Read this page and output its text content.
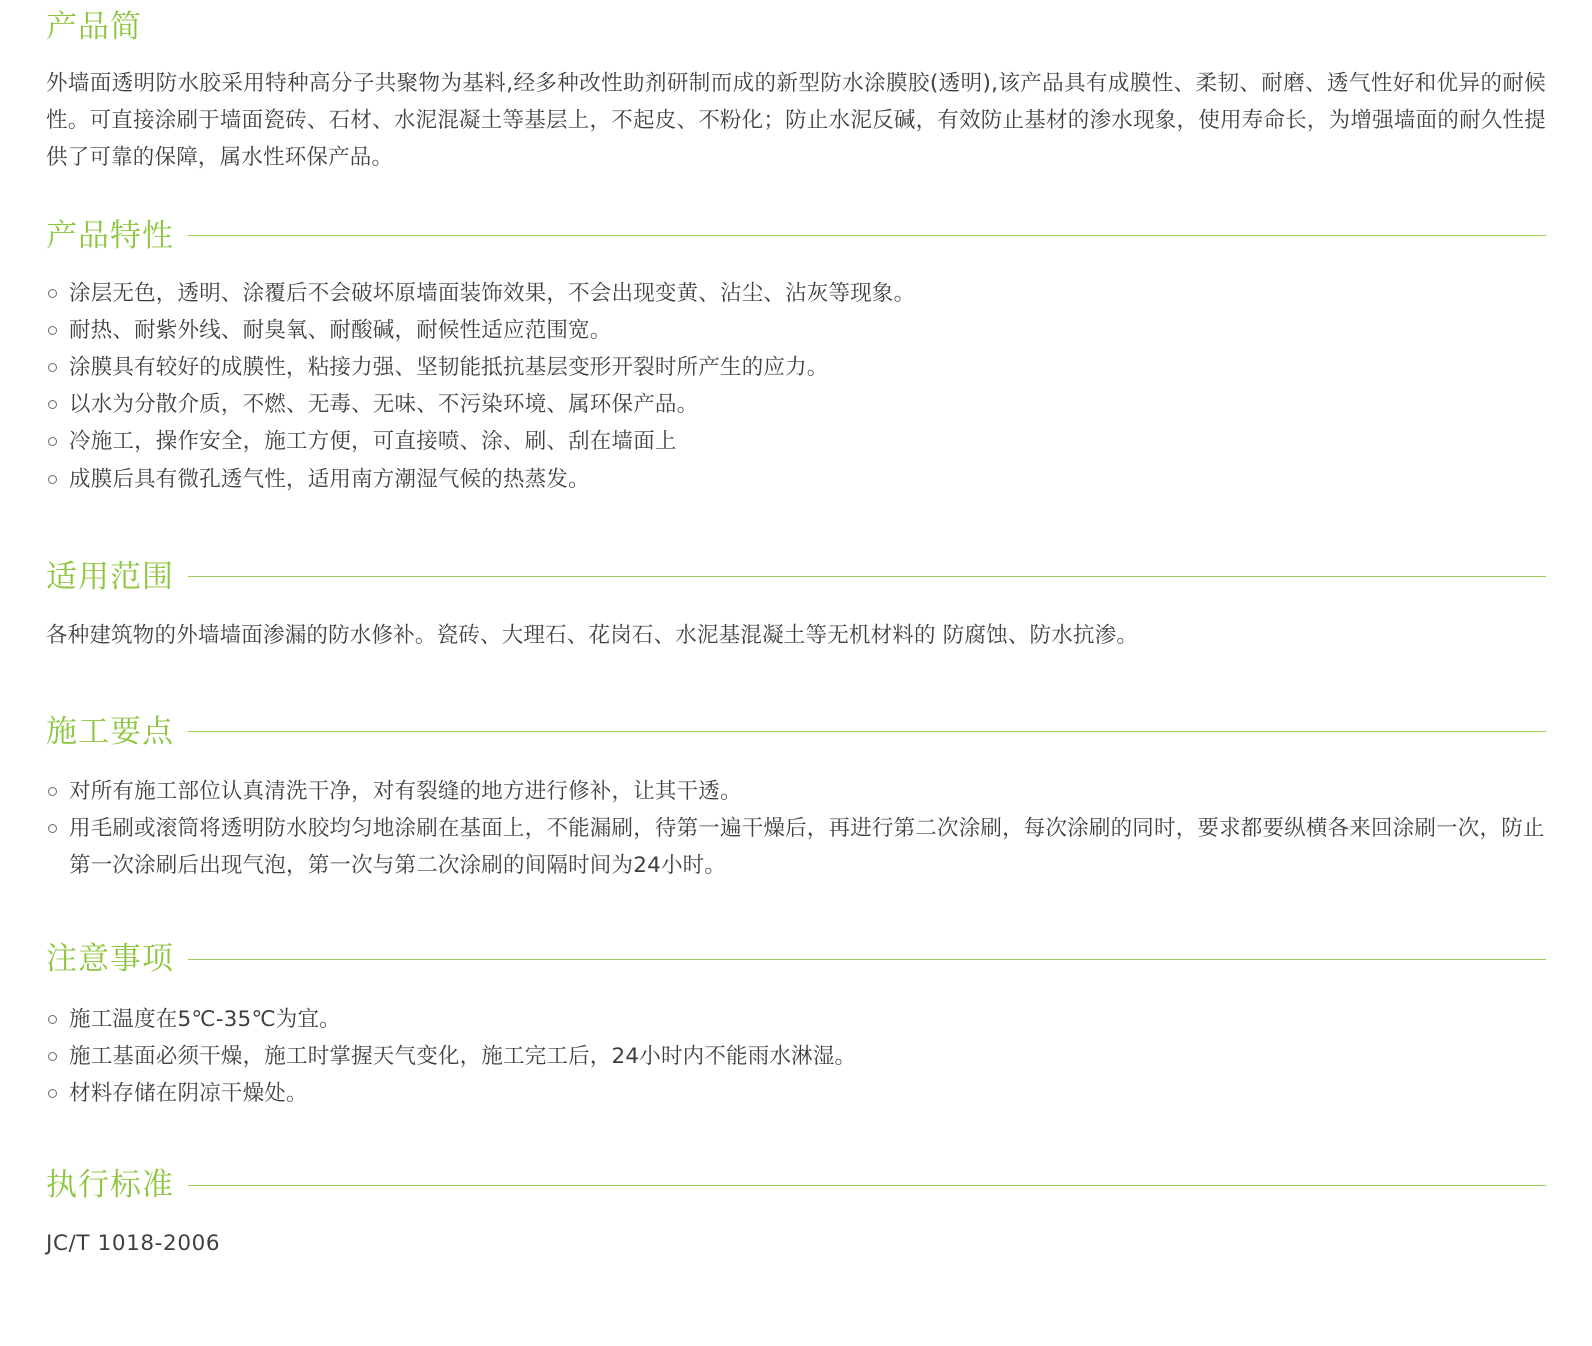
产品简

外墙面透明防水胶采用特种高分子共聚物为基料,经多种改性助剂研制而成的新型防水涂膜胶(透明),该产品具有成膜性、柔韧、耐磨、透气性好和优异的耐候性。可直接涂刷于墙面瓷砖、石材、水泥混凝土等基层上，不起皮、不粉化；防止水泥反碱，有效防止基材的渗水现象，使用寿命长，为增强墙面的耐久性提供了可靠的保障，属水性环保产品。

产品特性
涂层无色，透明、涂覆后不会破坏原墙面装饰效果，不会出现变黄、沾尘、沾灰等现象。
耐热、耐紫外线、耐臭氧、耐酸碱，耐候性适应范围宽。
涂膜具有较好的成膜性，粘接力强、坚韧能抵抗基层变形开裂时所产生的应力。
以水为分散介质，不燃、无毒、无味、不污染环境、属环保产品。
冷施工，操作安全，施工方便，可直接喷、涂、刷、刮在墙面上
成膜后具有微孔透气性，适用南方潮湿气候的热蒸发。
适用范围

各种建筑物的外墙墙面渗漏的防水修补。瓷砖、大理石、花岗石、水泥基混凝土等无机材料的 防腐蚀、防水抗渗。

施工要点
对所有施工部位认真清洗干净，对有裂缝的地方进行修补，让其干透。
用毛刷或滚筒将透明防水胶均匀地涂刷在基面上，不能漏刷，待第一遍干燥后，再进行第二次涂刷，每次涂刷的同时，要求都要纵横各来回涂刷一次，防止第一次涂刷后出现气泡，第一次与第二次涂刷的间隔时间为24小时。
注意事项
施工温度在5℃-35℃为宜。
施工基面必须干燥，施工时掌握天气变化，施工完工后，24小时内不能雨水淋湿。
材料存储在阴凉干燥处。
执行标准
JC/T 1018-2006
